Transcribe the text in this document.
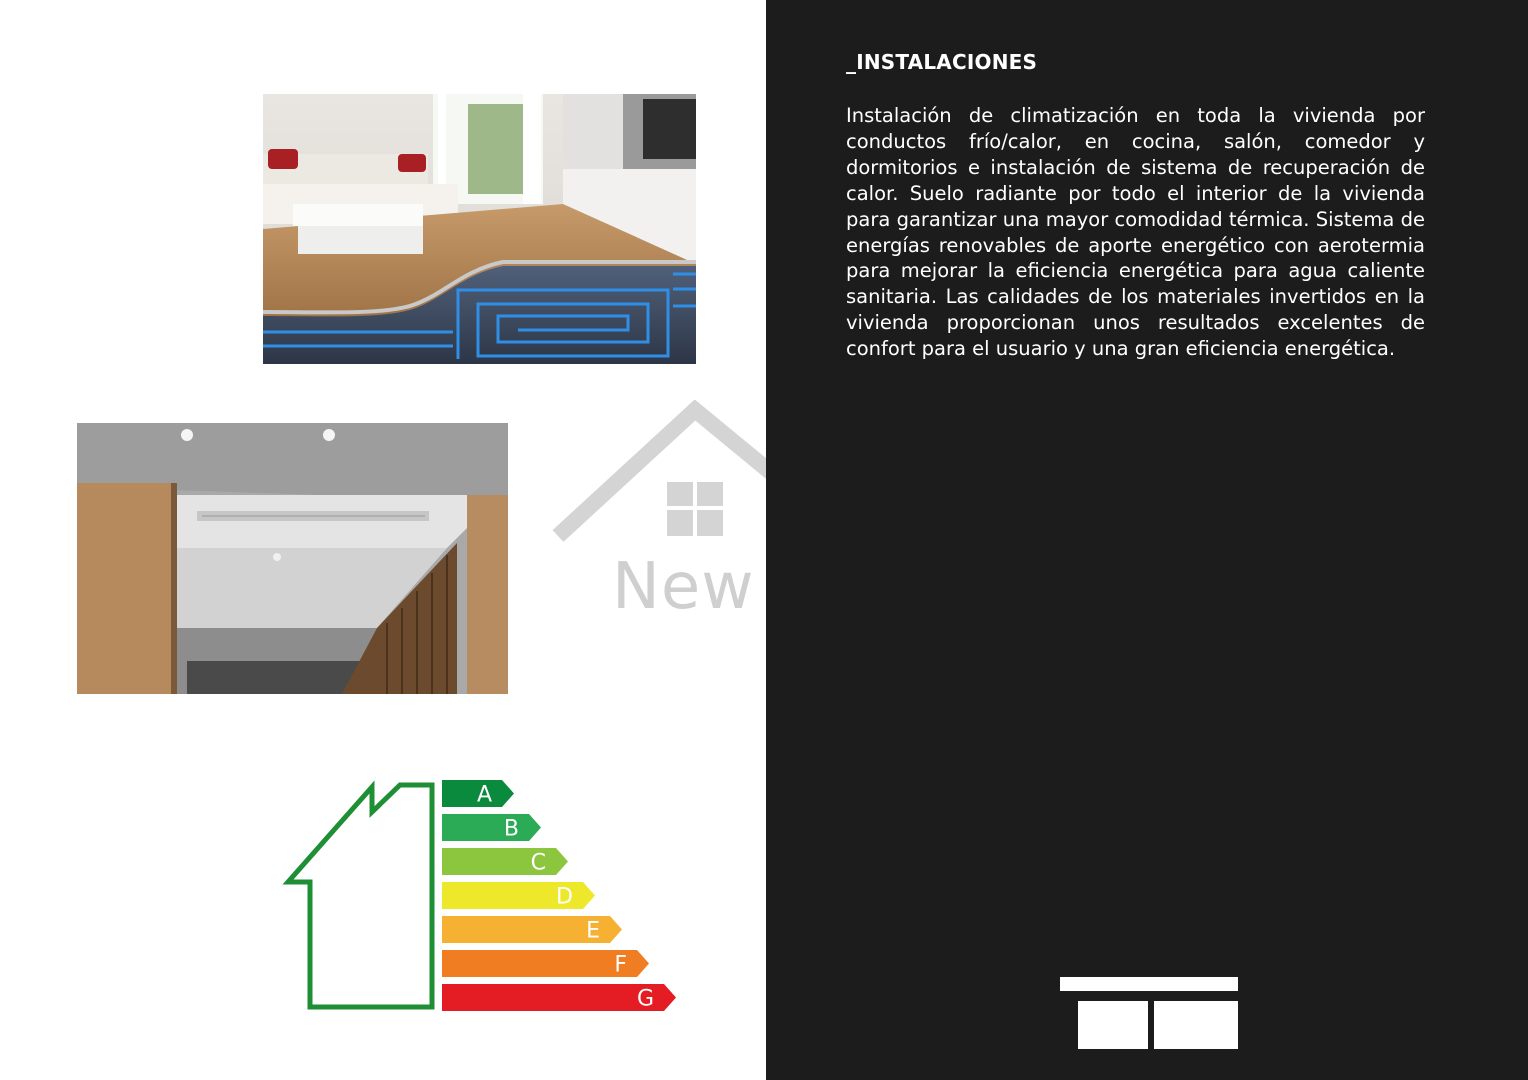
New
A
B
C
D
E
F
G
_INSTALACIONES

Instalación de climatización en toda la vivienda por conductos frío/calor, en cocina, salón, comedor y dormitorios e instalación de sistema de recuperación de calor. Suelo radiante por todo el interior de la vivienda para garantizar una mayor comodidad térmica. Sistema de energías renovables de aporte energético con aerotermia para mejorar la eficiencia energética para agua caliente sanitaria. Las calidades de los materiales invertidos en la vivienda proporcionan unos resultados excelentes de confort para el usuario y una gran eficiencia energética.
